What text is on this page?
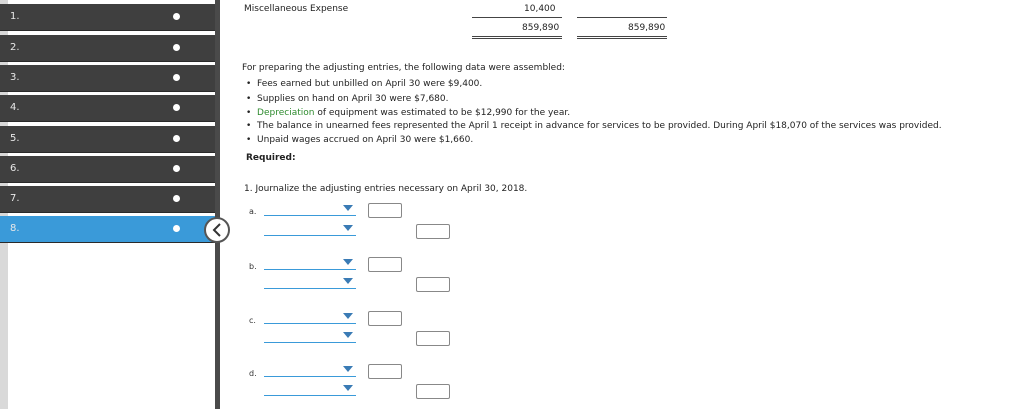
1.
2.
3.
4.
5.
6.
7.
8.
Miscellaneous Expense	10,400
859,890	859,890
For preparing the adjusting entries, the following data were assembled:
•  Fees earned but unbilled on April 30 were $9,400.
•  Supplies on hand on April 30 were $7,680.
•  Depreciation of equipment was estimated to be $12,990 for the year.
•  The balance in unearned fees represented the April 1 receipt in advance for services to be provided. During April $18,070 of the services was provided.
•  Unpaid wages accrued on April 30 were $1,660.
Required:
1. Journalize the adjusting entries necessary on April 30, 2018.
a.
b.
c.
d.
